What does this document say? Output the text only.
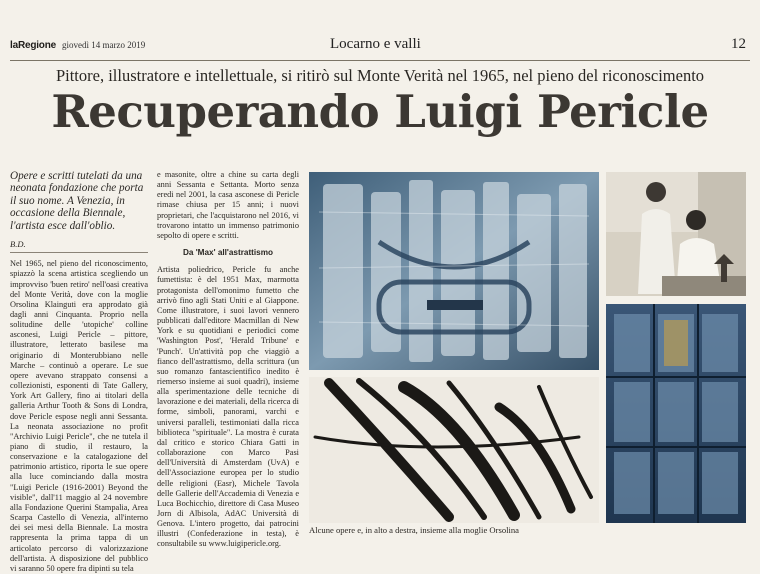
laRegione giovedì 14 marzo 2019	Locarno e valli	12
Pittore, illustratore e intellettuale, si ritirò sul Monte Verità nel 1965, nel pieno del riconoscimento
Recuperando Luigi Pericle
Opere e scritti tutelati da una neonata fondazione che porta il suo nome. A Venezia, in occasione della Biennale, l'artista esce dall'oblio.
B.D.
Nel 1965, nel pieno del riconoscimento, spiazzò la scena artistica scegliendo un improvviso 'buen retiro' nell'oasi creativa del Monte Verità, dove con la moglie Orsolina Klainguti era approdato già dagli anni Cinquanta. Proprio nella solitudine delle 'utopiche' colline asconesi, Luigi Pericle – pittore, illustratore, letterato basilese ma originario di Monterubbiano nelle Marche – continuò a operare. Le sue opere avevano strappato consensi a collezionisti, esponenti di Tate Gallery, York Art Gallery, fino ai titolari della galleria Arthur Tooth & Sons di Londra, dove Pericle espose negli anni Sessanta. La neonata associazione no profit "Archivio Luigi Pericle", che ne tutela il piano di studio, il restauro, la conservazione e la catalogazione del patrimonio artistico, riporta le sue opere alla luce cominciando dalla mostra "Luigi Pericle (1916-2001) Beyond the visible", dall'11 maggio al 24 novembre alla Fondazione Querini Stampalia, Area Scarpa Castello di Venezia, all'interno dei sei mesi della Biennale. La mostra rappresenta la prima tappa di un articolato percorso di valorizzazione dell'artista. A disposizione del pubblico vi saranno 50 opere fra dipinti su tela
e masonite, oltre a chine su carta degli anni Sessanta e Settanta. Morto senza eredi nel 2001, la casa asconese di Pericle rimase chiusa per 15 anni; i nuovi proprietari, che l'acquistarono nel 2016, vi trovarono intatto un immenso patrimonio sepolto di opere e scritti.
Da 'Max' all'astrattismo
Artista poliedrico, Pericle fu anche fumettista: è del 1951 Max, marmotta protagonista dell'omonimo fumetto che arrivò fino agli Stati Uniti e al Giappone. Come illustratore, i suoi lavori vennero pubblicati dall'editore Macmillan di New York e su quotidiani e periodici come 'Washington Post', 'Herald Tribune' e 'Punch'. Un'attività pop che viaggiò a fianco dell'astrattismo, della scrittura (un suo romanzo fantascientifico inedito è riemerso insieme ai suoi quadri), insieme alla sperimentazione delle tecniche di lavorazione e dei materiali, della ricerca di forme, simboli, panorami, varchi e universi paralleli, testimoniati dalla ricca biblioteca "spirituale". La mostra è curata dal critico e storico Chiara Gatti in collaborazione con Marco Pasi dell'Università di Amsterdam (UvA) e dell'Associazione europea per lo studio delle religioni (Easr), Michele Tavola delle Gallerie dell'Accademia di Venezia e Luca Bochicchio, direttore di Casa Museo Jorn di Albisola, AdAC Università di Genova. L'intero progetto, dai patrocini illustri (Confederazione in testa), è consultabile su www.luigipericle.org.
Alcune opere e, in alto a destra, insieme alla moglie Orsolina
